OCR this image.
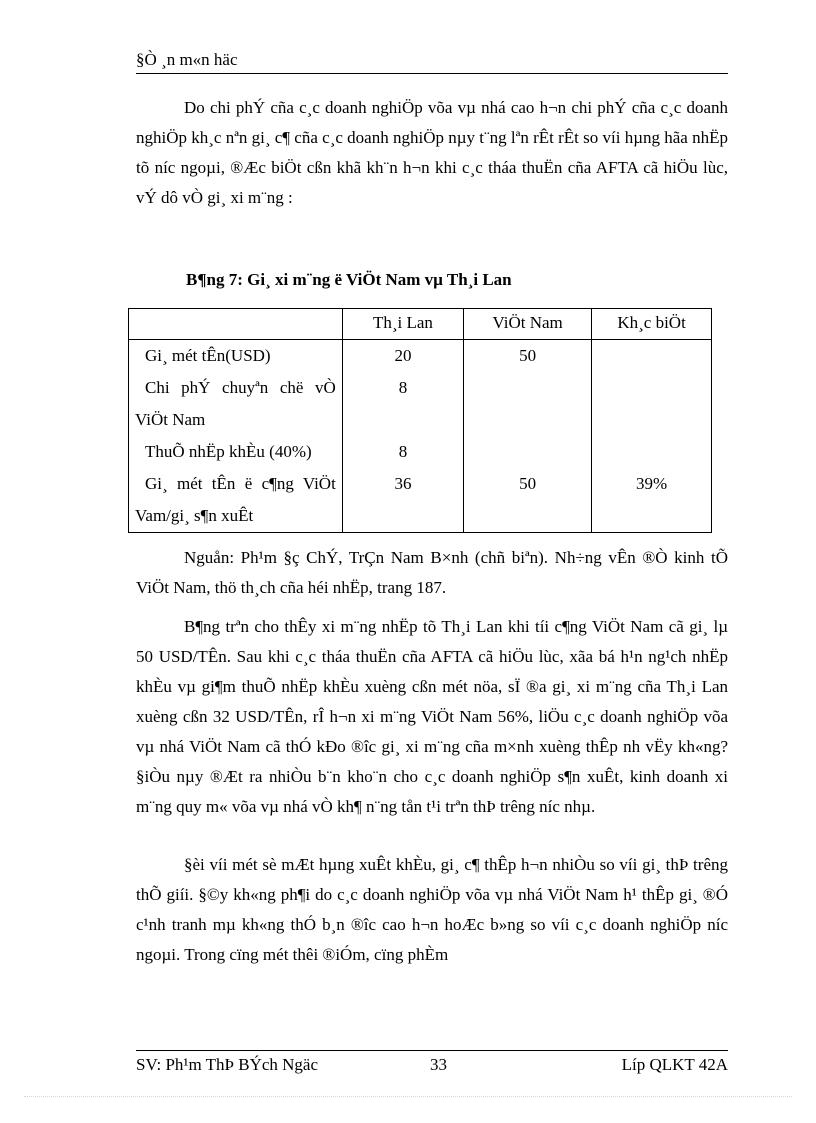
§Ò ¸n m«n häc

Do chi phÝ cña c¸c doanh nghiÖp võa vµ nhá cao h¬n chi phÝ cña c¸c doanh nghiÖp kh¸c nªn gi¸ c¶ cña c¸c doanh nghiÖp nµy t¨ng lªn rÊt rÊt so víi hµng hãa nhËp tõ níc ngoµi, ®Æc biÖt cßn khã kh¨n h¬n khi c¸c tháa thuËn cña AFTA cã hiÖu lùc, vÝ dô vÒ gi¸ xi m¨ng :

B¶ng 7: Gi¸ xi m¨ng ë ViÖt Nam vµ Th¸i Lan
	Th¸i Lan	ViÖt Nam	Kh¸c biÖt
Gi¸ mét tÊn(USD)	20	50	
Chi phÝ chuyªn chë vÒ ViÖt Nam	8		
ThuÕ nhËp khÈu (40%)	8		
Gi¸ mét tÊn ë c¶ng ViÖt Vam/gi¸ s¶n xuÊt	36	50	39%

Nguån: Ph¹m §ç ChÝ, TrÇn Nam B×nh (chñ biªn). Nh÷ng vÊn ®Ò kinh tÕ ViÖt Nam, thö th¸ch cña héi nhËp, trang 187.

B¶ng trªn cho thÊy xi m¨ng nhËp tõ Th¸i Lan khi tíi c¶ng ViÖt Nam cã gi¸ lµ 50 USD/TÊn. Sau khi c¸c tháa thuËn cña AFTA cã hiÖu lùc, xãa bá h¹n ng¹ch nhËp khÈu vµ gi¶m thuÕ nhËp khÈu xuèng cßn mét nöa, sÏ ®a gi¸ xi m¨ng cña Th¸i Lan xuèng cßn 32 USD/TÊn, rÎ h¬n xi m¨ng ViÖt Nam 56%, liÖu c¸c doanh nghiÖp võa vµ nhá ViÖt Nam cã thÓ kÐo ®îc gi¸ xi m¨ng cña m×nh xuèng thÊp nh vËy kh«ng? §iÒu nµy ®Æt ra nhiÒu b¨n kho¨n cho c¸c doanh nghiÖp s¶n xuÊt, kinh doanh xi m¨ng quy m« võa vµ nhá vÒ kh¶ n¨ng tån t¹i trªn thÞ trêng níc nhµ.

§èi víi mét sè mÆt hµng xuÊt khÈu, gi¸ c¶ thÊp h¬n nhiÒu so víi gi¸ thÞ trêng thÕ giíi. §©y kh«ng ph¶i do c¸c doanh nghiÖp võa vµ nhá ViÖt Nam h¹ thÊp gi¸ ®Ó c¹nh tranh mµ kh«ng thÓ b¸n ®îc cao h¬n hoÆc b»ng so víi c¸c doanh nghiÖp níc ngoµi. Trong cïng mét thêi ®iÓm, cïng phÈm

SV: Ph¹m ThÞ BÝch Ngäc	33	Líp QLKT 42A
